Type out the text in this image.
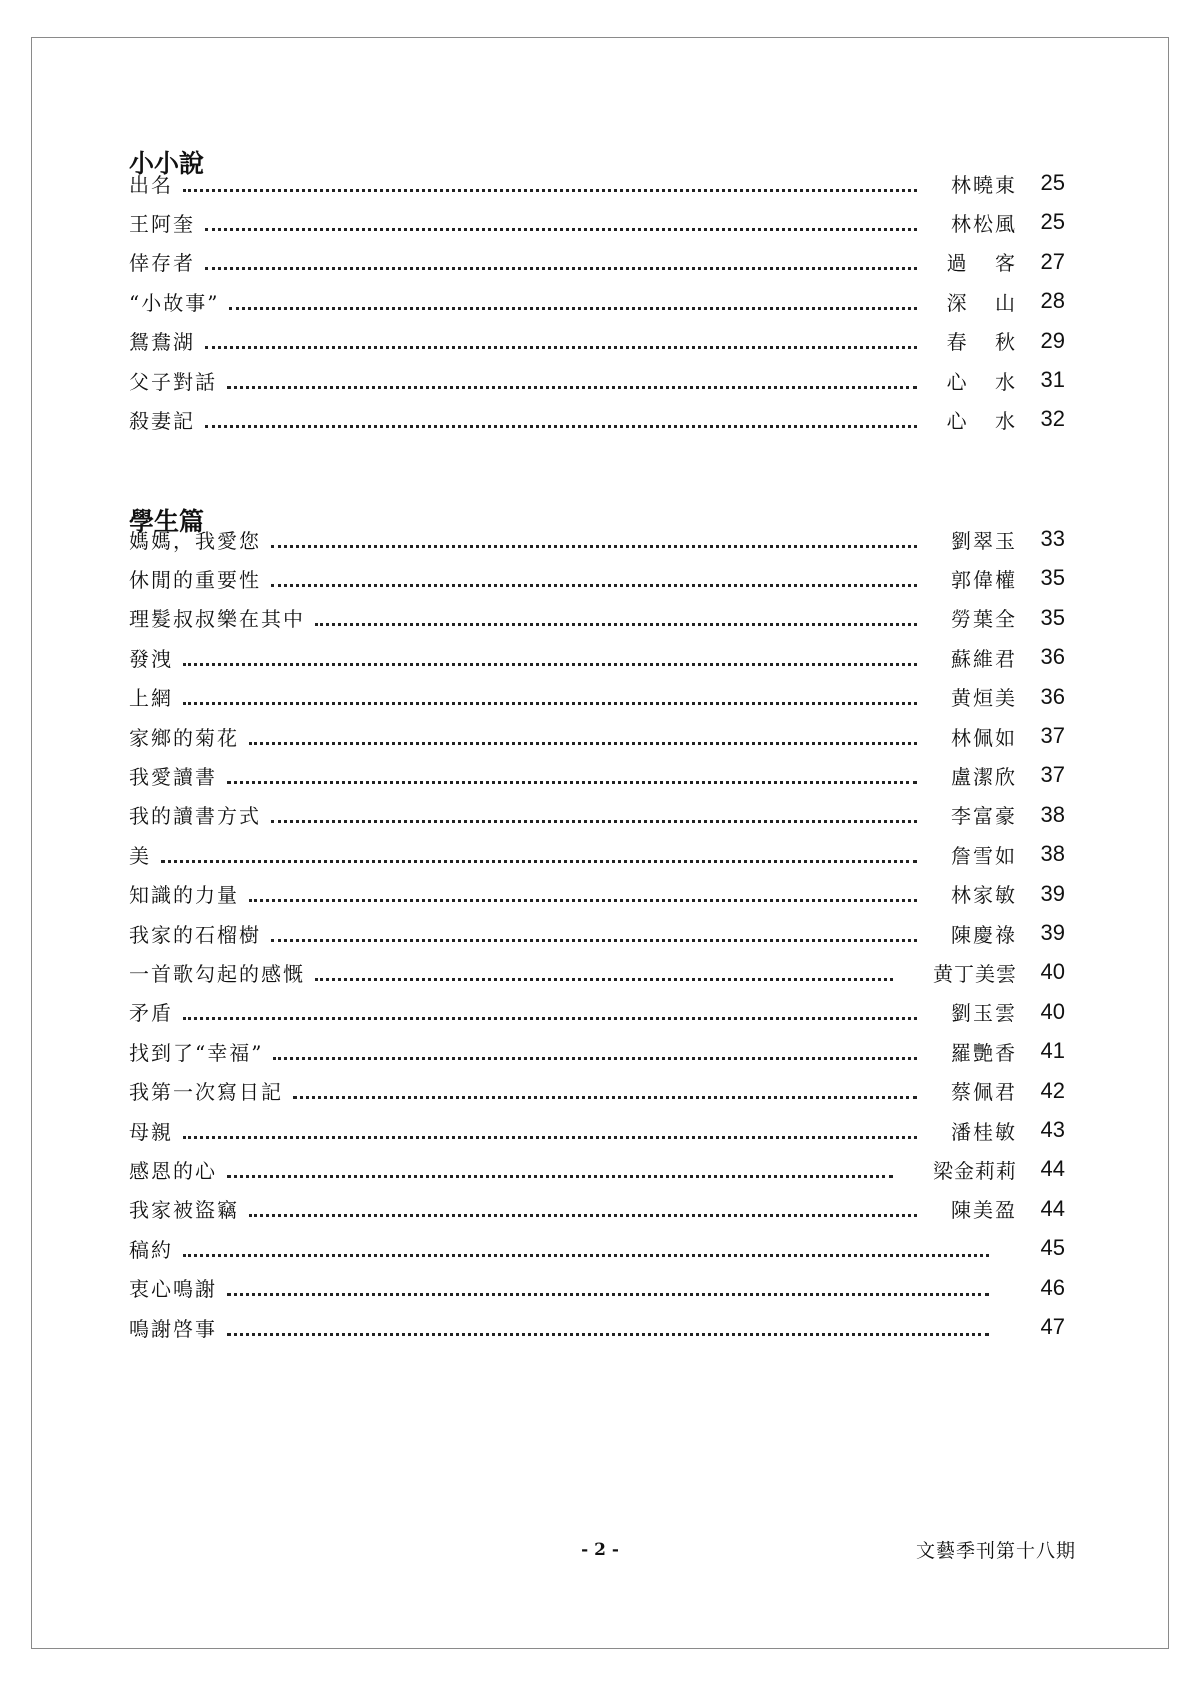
小小說
出名	林曉東	25
王阿奎	林松風	25
倖存者	過 客	27
“小故事”	深 山	28
鴛鴦湖	春 秋	29
父子對話	心 水	31
殺妻記	心 水	32
學生篇
媽媽，我愛您	劉翠玉	33
休閒的重要性	郭偉權	35
理髮叔叔樂在其中	勞葉全	35
發洩	蘇維君	36
上網	黄烜美	36
家鄉的菊花	林佩如	37
我愛讀書	盧潔欣	37
我的讀書方式	李富豪	38
美	詹雪如	38
知識的力量	林家敏	39
我家的石榴樹	陳慶祿	39
一首歌勾起的感慨	黄丁美雲	40
矛盾	劉玉雲	40
找到了“幸福”	羅艷香	41
我第一次寫日記	蔡佩君	42
母親	潘桂敏	43
感恩的心	梁金莉莉	44
我家被盜竊	陳美盈	44
稿約	45
衷心鳴謝	46
鳴謝啓事	47
- 2 -	文藝季刊第十八期
